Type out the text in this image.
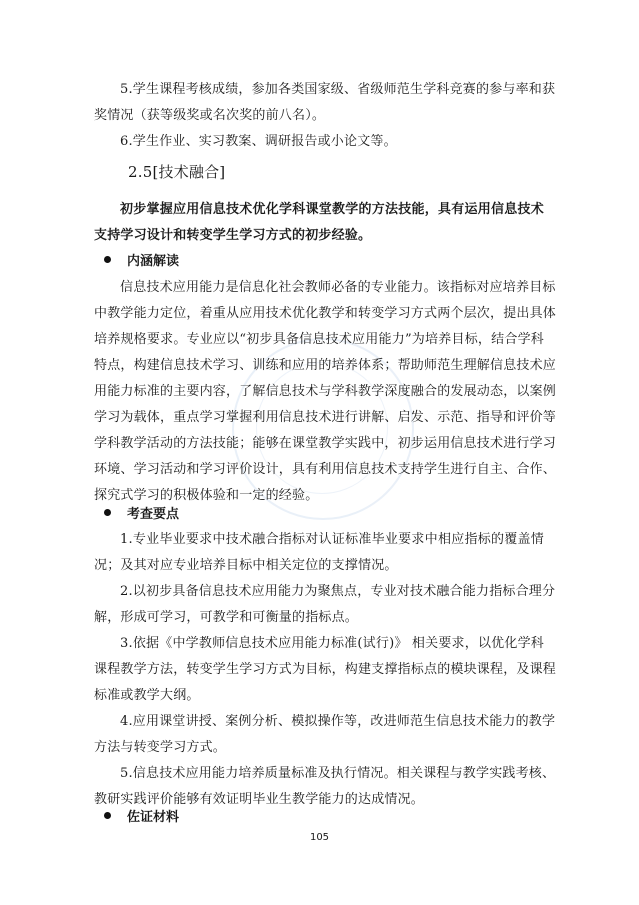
5.学生课程考核成绩，参加各类国家级、省级师范生学科竞赛的参与率和获
奖情况（获等级奖或名次奖的前八名）。
6.学生作业、实习教案、调研报告或小论文等。
2.5[技术融合]
初步掌握应用信息技术优化学科课堂教学的方法技能，具有运用信息技术
支持学习设计和转变学生学习方式的初步经验。
内涵解读
信息技术应用能力是信息化社会教师必备的专业能力。该指标对应培养目标
中教学能力定位，着重从应用技术优化教学和转变学习方式两个层次，提出具体
培养规格要求。专业应以“初步具备信息技术应用能力”为培养目标，结合学科
特点，构建信息技术学习、训练和应用的培养体系；帮助师范生理解信息技术应
用能力标准的主要内容，了解信息技术与学科教学深度融合的发展动态，以案例
学习为载体，重点学习掌握利用信息技术进行讲解、启发、示范、指导和评价等
学科教学活动的方法技能；能够在课堂教学实践中，初步运用信息技术进行学习
环境、学习活动和学习评价设计，具有利用信息技术支持学生进行自主、合作、
探究式学习的积极体验和一定的经验。
考查要点
1.专业毕业要求中技术融合指标对认证标准毕业要求中相应指标的覆盖情
况；及其对应专业培养目标中相关定位的支撑情况。
2.以初步具备信息技术应用能力为聚焦点，专业对技术融合能力指标合理分
解，形成可学习，可教学和可衡量的指标点。
3.依据《中学教师信息技术应用能力标准(试行)》 相关要求，以优化学科
课程教学方法，转变学生学习方式为目标，构建支撑指标点的模块课程，及课程
标准或教学大纲。
4.应用课堂讲授、案例分析、模拟操作等，改进师范生信息技术能力的教学
方法与转变学习方式。
5.信息技术应用能力培养质量标准及执行情况。相关课程与教学实践考核、
教研实践评价能够有效证明毕业生教学能力的达成情况。
佐证材料
105
